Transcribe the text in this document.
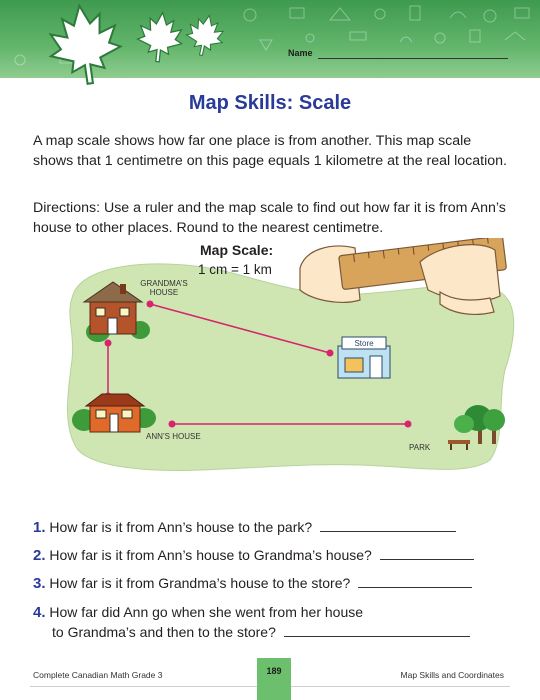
Name
Map Skills: Scale
A map scale shows how far one place is from another. This map scale shows that 1 centimetre on this page equals 1 kilometre at the real location.
Directions: Use a ruler and the map scale to find out how far it is from Ann’s house to other places. Round to the nearest centimetre.
Store
Map Scale:
1 cm = 1 km
GRANDMA’S HOUSE
ANN’S HOUSE
PARK
1. How far is it from Ann’s house to the park?
2. How far is it from Ann’s house to Grandma’s house?
3. How far is it from Grandma’s house to the store?
4. How far did Ann go when she went from her house
to Grandma’s and then to the store?
Complete Canadian Math Grade 3	189	Map Skills and Coordinates
